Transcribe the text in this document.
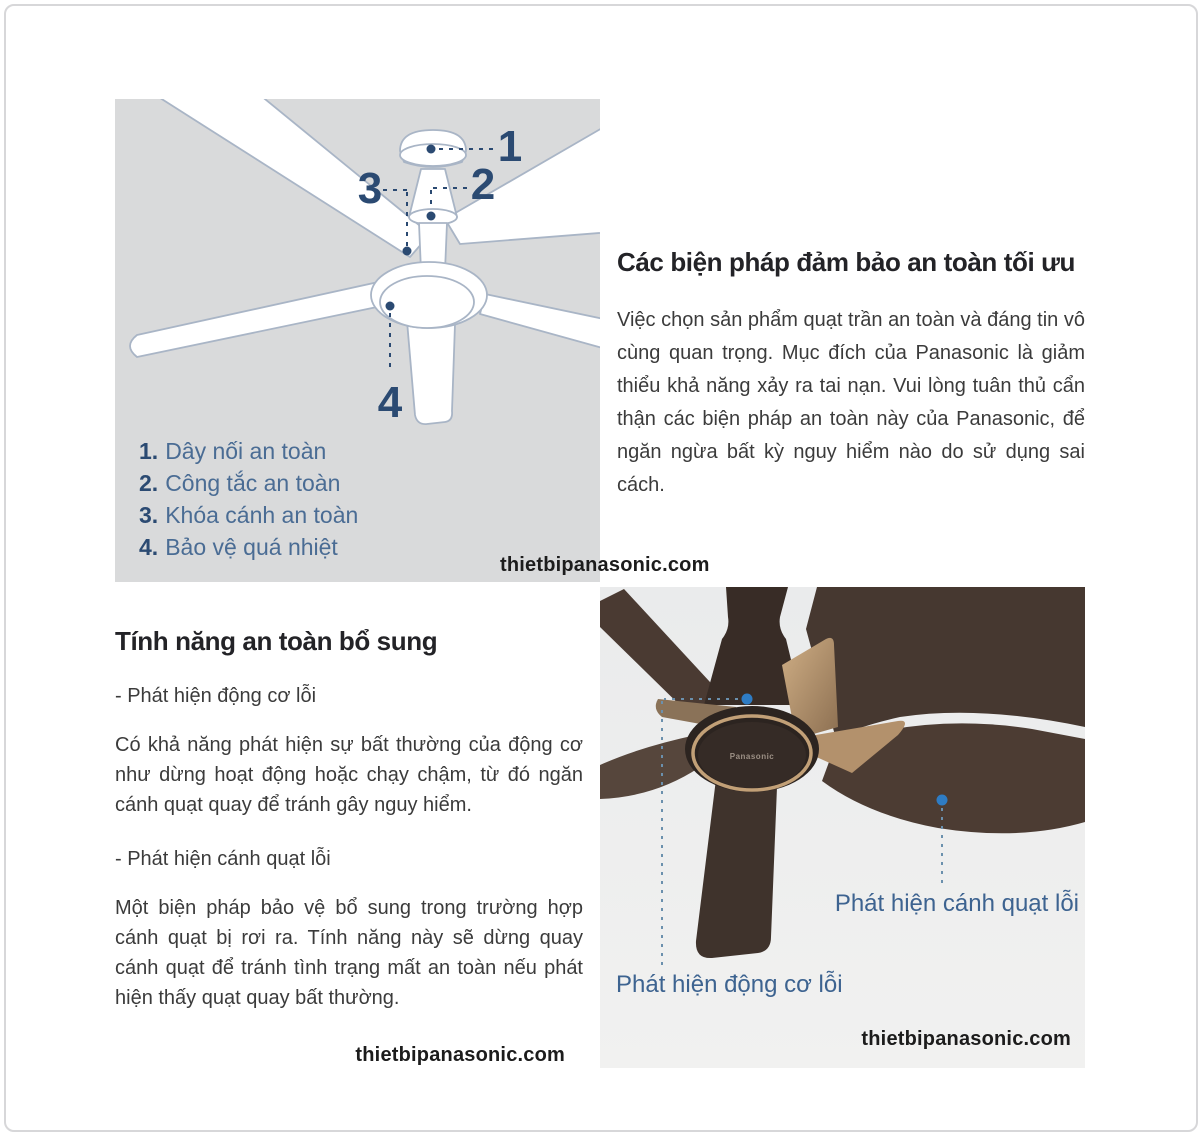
1
2
3
4
1. Dây nối an toàn
2. Công tắc an toàn
3. Khóa cánh an toàn
4. Bảo vệ quá nhiệt
thietbipanasonic.com
Các biện pháp đảm bảo an toàn tối ưu
Việc chọn sản phẩm quạt trần an toàn và đáng tin vô cùng quan trọng. Mục đích của Panasonic là giảm thiểu khả năng xảy ra tai nạn. Vui lòng tuân thủ cẩn thận các biện pháp an toàn này của Panasonic, để ngăn ngừa bất kỳ nguy hiểm nào do sử dụng sai cách.
Tính năng an toàn bổ sung
- Phát hiện động cơ lỗi
Có khả năng phát hiện sự bất thường của động cơ như dừng hoạt động hoặc chạy chậm, từ đó ngăn cánh quạt quay để tránh gây nguy hiểm.
- Phát hiện cánh quạt lỗi
Một biện pháp bảo vệ bổ sung trong trường hợp cánh quạt bị rơi ra. Tính năng này sẽ dừng quay cánh quạt để tránh tình trạng mất an toàn nếu phát hiện thấy quạt quay bất thường.
thietbipanasonic.com
Panasonic
Phát hiện cánh quạt lỗi
Phát hiện động cơ lỗi
thietbipanasonic.com
